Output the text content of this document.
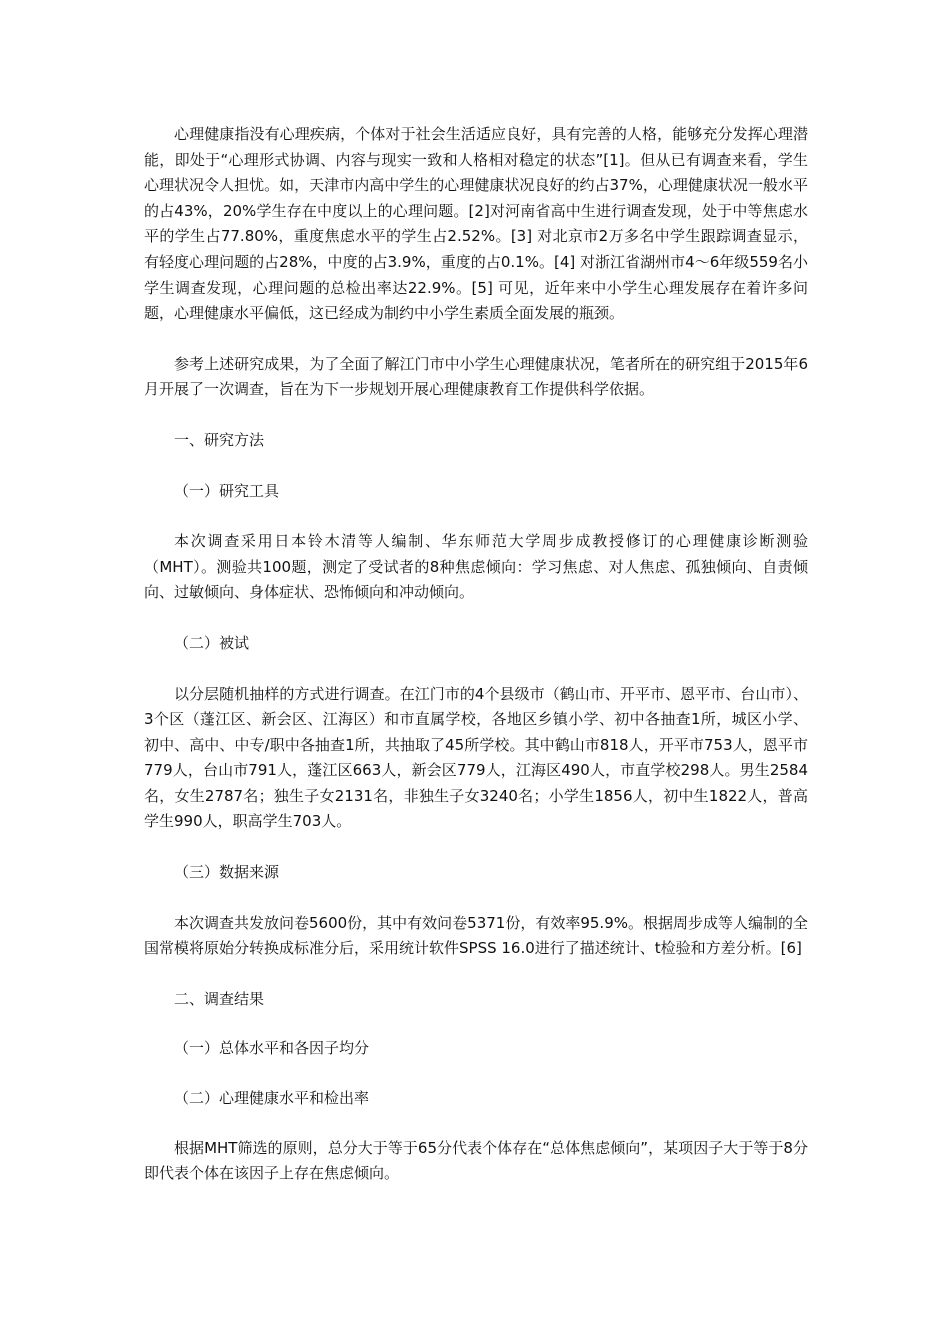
心理健康指没有心理疾病，个体对于社会生活适应良好，具有完善的人格，能够充分发挥心理潜能，即处于“心理形式协调、内容与现实一致和人格相对稳定的状态”[1]。但从已有调查来看，学生心理状况令人担忧。如，天津市内高中学生的心理健康状况良好的约占37%，心理健康状况一般水平的占43%，20%学生存在中度以上的心理问题。[2]对河南省高中生进行调查发现，处于中等焦虑水平的学生占77.80%，重度焦虑水平的学生占2.52%。[3] 对北京市2万多名中学生跟踪调查显示，有轻度心理问题的占28%，中度的占3.9%，重度的占0.1%。[4] 对浙江省湖州市4～6年级559名小学生调查发现，心理问题的总检出率达22.9%。[5] 可见，近年来中小学生心理发展存在着许多问题，心理健康水平偏低，这已经成为制约中小学生素质全面发展的瓶颈。

参考上述研究成果，为了全面了解江门市中小学生心理健康状况，笔者所在的研究组于2015年6月开展了一次调查，旨在为下一步规划开展心理健康教育工作提供科学依据。

一、研究方法

（一）研究工具

本次调查采用日本铃木清等人编制、华东师范大学周步成教授修订的心理健康诊断测验（MHT）。测验共100题，测定了受试者的8种焦虑倾向：学习焦虑、对人焦虑、孤独倾向、自责倾向、过敏倾向、身体症状、恐怖倾向和冲动倾向。

（二）被试

以分层随机抽样的方式进行调查。在江门市的4个县级市（鹤山市、开平市、恩平市、台山市）、3个区（蓬江区、新会区、江海区）和市直属学校，各地区乡镇小学、初中各抽查1所，城区小学、初中、高中、中专/职中各抽查1所，共抽取了45所学校。其中鹤山市818人，开平市753人，恩平市779人，台山市791人，蓬江区663人，新会区779人，江海区490人，市直学校298人。男生2584名，女生2787名；独生子女2131名，非独生子女3240名；小学生1856人，初中生1822人，普高学生990人，职高学生703人。

（三）数据来源

本次调查共发放问卷5600份，其中有效问卷5371份，有效率95.9%。根据周步成等人编制的全国常模将原始分转换成标准分后，采用统计软件SPSS 16.0进行了描述统计、t检验和方差分析。[6]

二、调查结果

（一）总体水平和各因子均分

（二）心理健康水平和检出率

根据MHT筛选的原则，总分大于等于65分代表个体存在“总体焦虑倾向”，某项因子大于等于8分即代表个体在该因子上存在焦虑倾向。
